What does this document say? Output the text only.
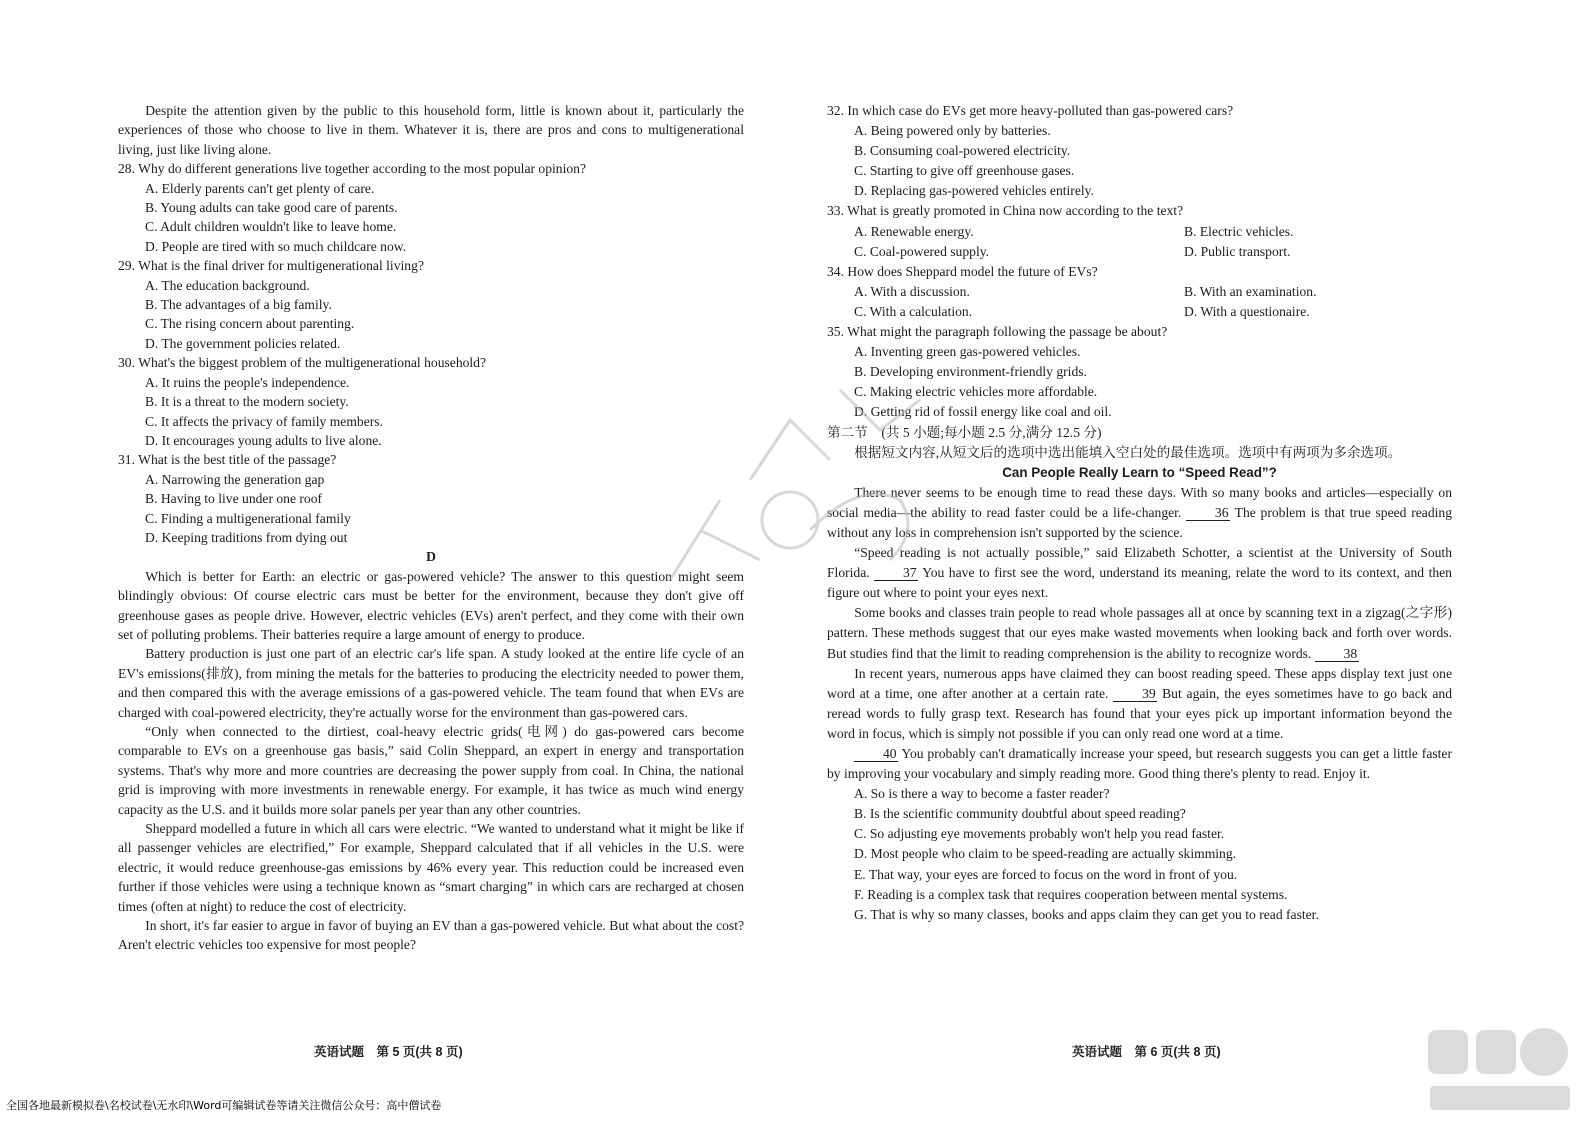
Despite the attention given by the public to this household form, little is known about it, particularly the experiences of those who choose to live in them. Whatever it is, there are pros and cons to multigenerational living, just like living alone.

28. Why do different generations live together according to the most popular opinion?

A. Elderly parents can't get plenty of care.

B. Young adults can take good care of parents.

C. Adult children wouldn't like to leave home.

D. People are tired with so much childcare now.

29. What is the final driver for multigenerational living?

A. The education background.

B. The advantages of a big family.

C. The rising concern about parenting.

D. The government policies related.

30. What's the biggest problem of the multigenerational household?

A. It ruins the people's independence.

B. It is a threat to the modern society.

C. It affects the privacy of family members.

D. It encourages young adults to live alone.

31. What is the best title of the passage?

A. Narrowing the generation gap

B. Having to live under one roof

C. Finding a multigenerational family

D. Keeping traditions from dying out

D

Which is better for Earth: an electric or gas-powered vehicle? The answer to this question might seem blindingly obvious: Of course electric cars must be better for the environment, because they don't give off greenhouse gases as people drive. However, electric vehicles (EVs) aren't perfect, and they come with their own set of polluting problems. Their batteries require a large amount of energy to produce.

Battery production is just one part of an electric car's life span. A study looked at the entire life cycle of an EV's emissions(排放), from mining the metals for the batteries to producing the electricity needed to power them, and then compared this with the average emissions of a gas-powered vehicle. The team found that when EVs are charged with coal-powered electricity, they're actually worse for the environment than gas-powered cars.

“Only when connected to the dirtiest, coal-heavy electric grids(电网) do gas-powered cars become comparable to EVs on a greenhouse gas basis,” said Colin Sheppard, an expert in energy and transportation systems. That's why more and more countries are decreasing the power supply from coal. In China, the national grid is improving with more investments in renewable energy. For example, it has twice as much wind energy capacity as the U.S. and it builds more solar panels per year than any other countries.

Sheppard modelled a future in which all cars were electric. “We wanted to understand what it might be like if all passenger vehicles are electrified,” For example, Sheppard calculated that if all vehicles in the U.S. were electric, it would reduce greenhouse-gas emissions by 46% every year. This reduction could be increased even further if those vehicles were using a technique known as “smart charging” in which cars are recharged at chosen times (often at night) to reduce the cost of electricity.

In short, it's far easier to argue in favor of buying an EV than a gas-powered vehicle. But what about the cost? Aren't electric vehicles too expensive for most people?

32. In which case do EVs get more heavy-polluted than gas-powered cars?

A. Being powered only by batteries.

B. Consuming coal-powered electricity.

C. Starting to give off greenhouse gases.

D. Replacing gas-powered vehicles entirely.

33. What is greatly promoted in China now according to the text?

A. Renewable energy.	B. Electric vehicles.

C. Coal-powered supply.	D. Public transport.

34. How does Sheppard model the future of EVs?

A. With a discussion.	B. With an examination.

C. With a calculation.	D. With a questionaire.

35. What might the paragraph following the passage be about?

A. Inventing green gas-powered vehicles.

B. Developing environment-friendly grids.

C. Making electric vehicles more affordable.

D. Getting rid of fossil energy like coal and oil.

第二节　(共 5 小题;每小题 2.5 分,满分 12.5 分)

根据短文内容,从短文后的选项中选出能填入空白处的最佳选项。选项中有两项为多余选项。

Can People Really Learn to “Speed Read”?

There never seems to be enough time to read these days. With so many books and articles—especially on social media—the ability to read faster could be a life-changer. 36 The problem is that true speed reading without any loss in comprehension isn't supported by the science.

“Speed reading is not actually possible,” said Elizabeth Schotter, a scientist at the University of South Florida. 37 You have to first see the word, understand its meaning, relate the word to its context, and then figure out where to point your eyes next.

Some books and classes train people to read whole passages all at once by scanning text in a zigzag(之字形) pattern. These methods suggest that our eyes make wasted movements when looking back and forth over words. But studies find that the limit to reading comprehension is the ability to recognize words. 38

In recent years, numerous apps have claimed they can boost reading speed. These apps display text just one word at a time, one after another at a certain rate. 39 But again, the eyes sometimes have to go back and reread words to fully grasp text. Research has found that your eyes pick up important information beyond the word in focus, which is simply not possible if you can only read one word at a time.

40 You probably can't dramatically increase your speed, but research suggests you can get a little faster by improving your vocabulary and simply reading more. Good thing there's plenty to read. Enjoy it.

A. So is there a way to become a faster reader?

B. Is the scientific community doubtful about speed reading?

C. So adjusting eye movements probably won't help you read faster.

D. Most people who claim to be speed-reading are actually skimming.

E. That way, your eyes are forced to focus on the word in front of you.

F. Reading is a complex task that requires cooperation between mental systems.

G. That is why so many classes, books and apps claim they can get you to read faster.

英语试题　第 5 页(共 8 页)	英语试题　第 6 页(共 8 页)
全国各地最新模拟卷\名校试卷\无水印\Word可编辑试卷等请关注微信公众号：高中僧试卷
